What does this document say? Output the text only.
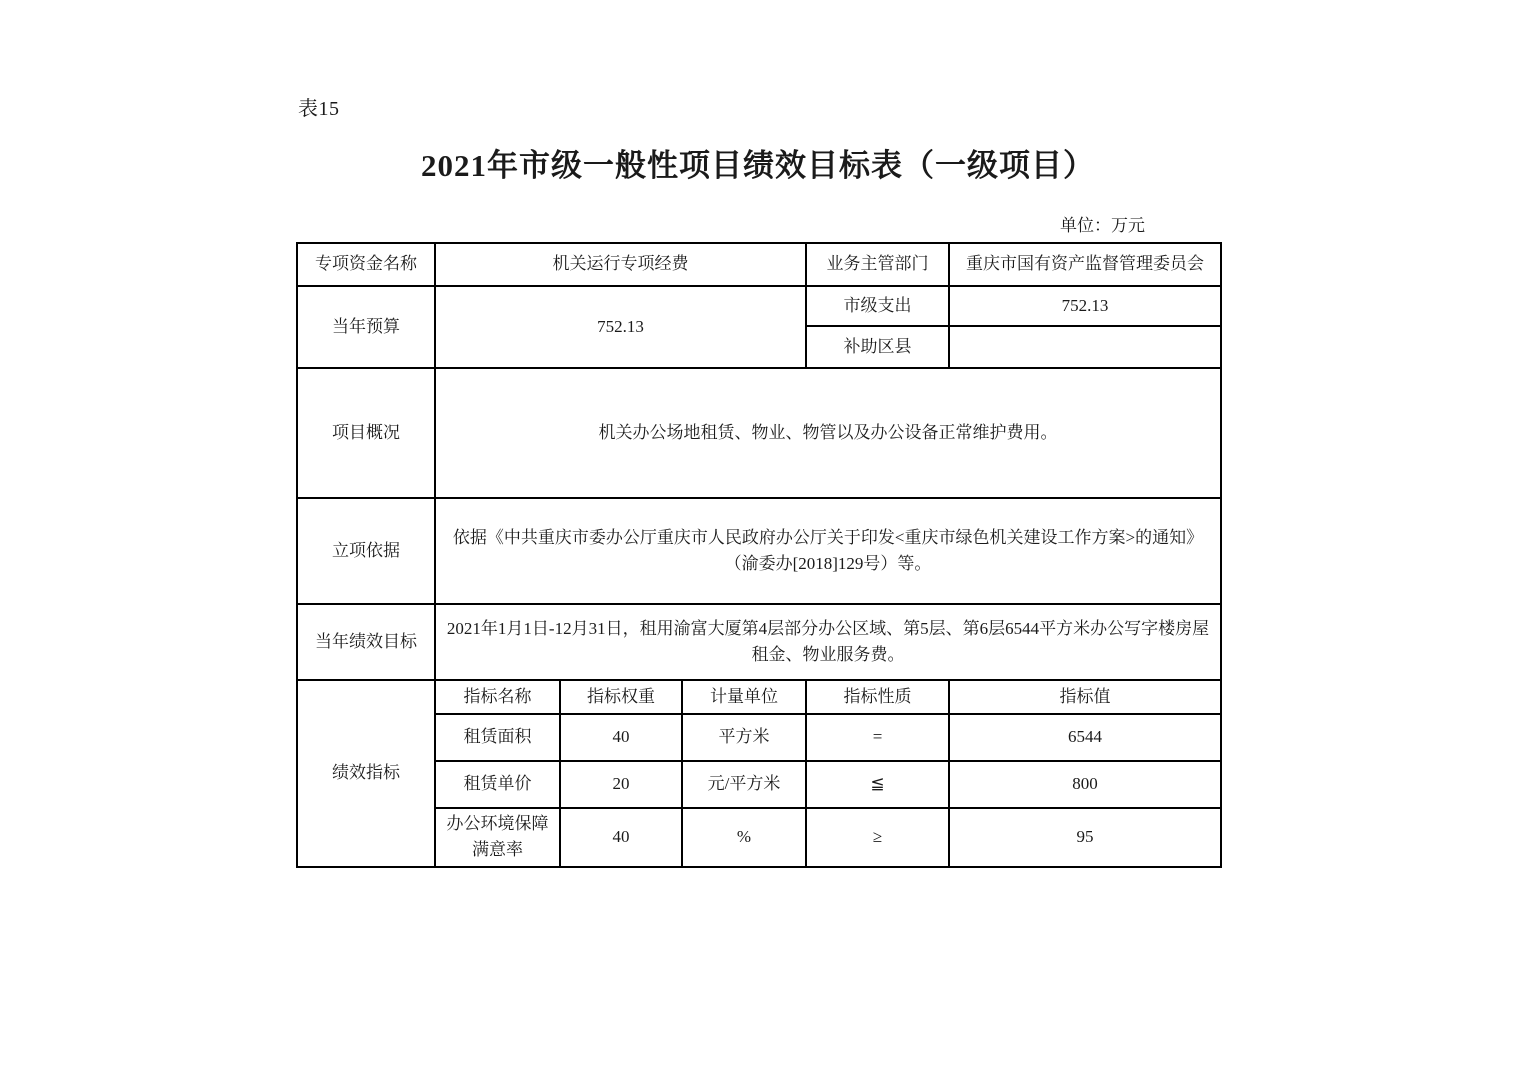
表15
2021年市级一般性项目绩效目标表（一级项目）
单位：万元
专项资金名称	机关运行专项经费			业务主管部门	重庆市国有资产监督管理委员会
当年预算	752.13			市级支出	752.13
				补助区县	
项目概况	机关办公场地租赁、物业、物管以及办公设备正常维护费用。				
立项依据	依据《中共重庆市委办公厅重庆市人民政府办公厅关于印发<重庆市绿色机关建设工作方案>的通知》（渝委办[2018]129号）等。				
当年绩效目标	2021年1月1日-12月31日，租用渝富大厦第4层部分办公区域、第5层、第6层6544平方米办公写字楼房屋租金、物业服务费。				
绩效指标	指标名称	指标权重	计量单位	指标性质	指标值
	租赁面积	40	平方米	=	6544
	租赁单价	20	元/平方米	≦	800
	办公环境保障满意率	40	%	≥	95
